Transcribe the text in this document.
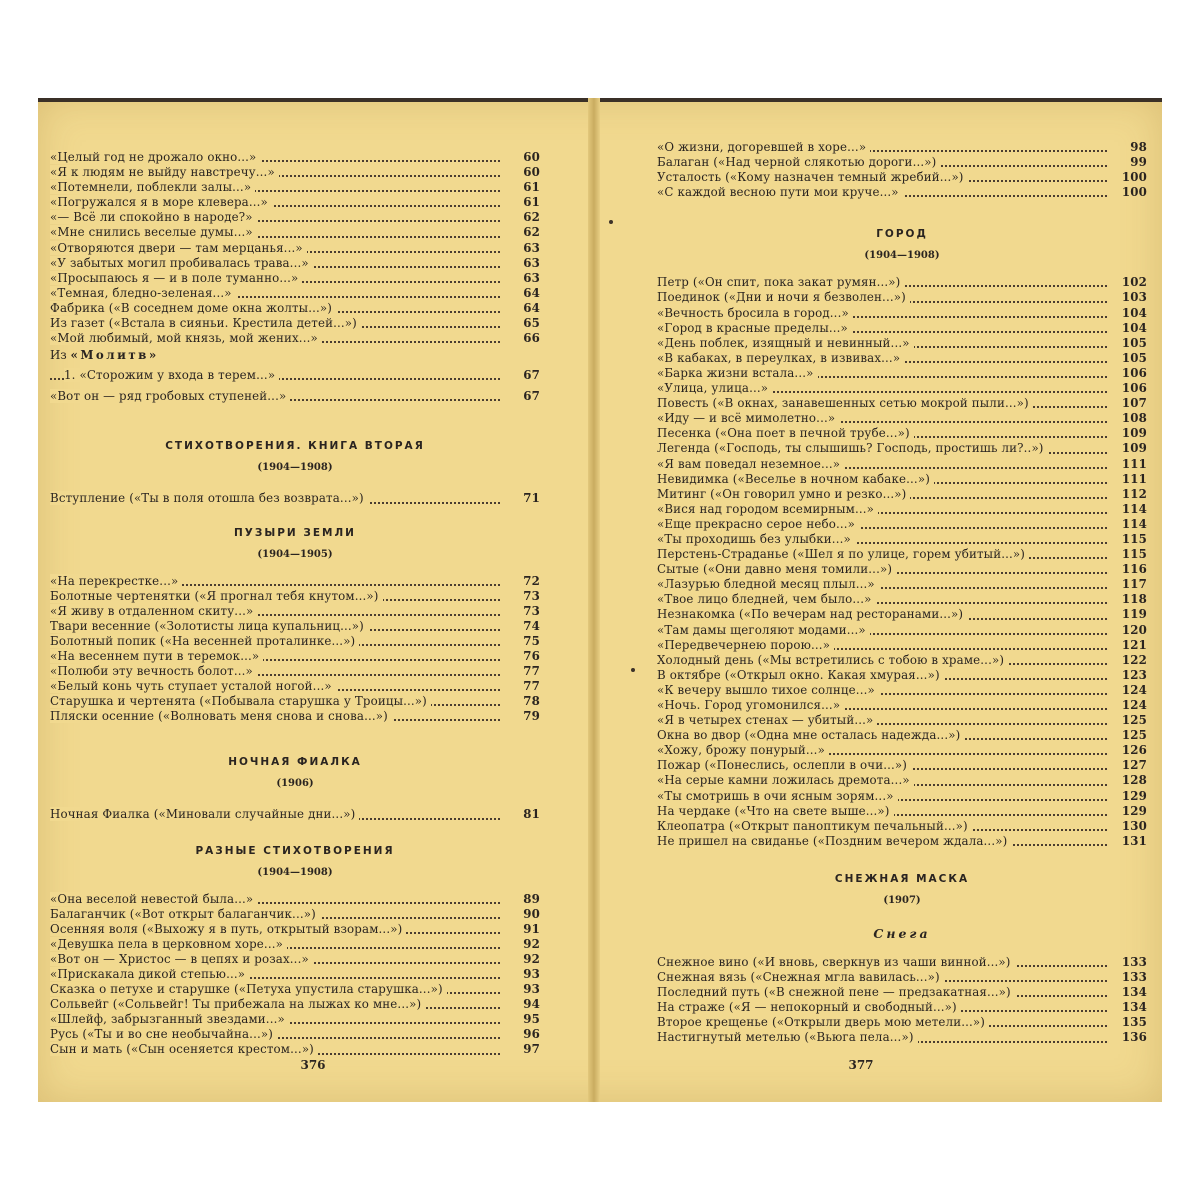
«Целый год не дрожало окно...»	60
«Я к людям не выйду навстречу...»	60
«Потемнели, поблекли залы...»	61
«Погружался я в море клевера...»	61
«— Всё ли спокойно в народе?»	62
«Мне снились веселые думы...»	62
«Отворяются двери — там мерцанья...»	63
«У забытых могил пробивалась трава...»	63
«Просыпаюсь я — и в поле туманно...»	63
«Темная, бледно-зеленая...»	64
Фабрика («В соседнем доме окна жолты...»)	64
Из газет («Встала в сияньи. Крестила детей...»)	65
«Мой любимый, мой князь, мой жених...»	66
Из «Молитв»
1. «Сторожим у входа в терем...»	67
«Вот он — ряд гробовых ступеней...»	67
СТИХОТВОРЕНИЯ. КНИГА ВТОРАЯ
(1904—1908)
Вступление («Ты в поля отошла без возврата...»)	71
ПУЗЫРИ ЗЕМЛИ
(1904—1905)
«На перекрестке...»	72
Болотные чертенятки («Я прогнал тебя кнутом...»)	73
«Я живу в отдаленном скиту...»	73
Твари весенние («Золотисты лица купальниц...»)	74
Болотный попик («На весенней проталинке...»)	75
«На весеннем пути в теремок...»	76
«Полюби эту вечность болот...»	77
«Белый конь чуть ступает усталой ногой...»	77
Старушка и чертенята («Побывала старушка у Троицы...»)	78
Пляски осенние («Волновать меня снова и снова...»)	79
НОЧНАЯ ФИАЛКА
(1906)
Ночная Фиалка («Миновали случайные дни...»)	81
РАЗНЫЕ СТИХОТВОРЕНИЯ
(1904—1908)
«Она веселой невестой была...»	89
Балаганчик («Вот открыт балаганчик...»)	90
Осенняя воля («Выхожу я в путь, открытый взорам...»)	91
«Девушка пела в церковном хоре...»	92
«Вот он — Христос — в цепях и розах...»	92
«Прискакала дикой степью...»	93
Сказка о петухе и старушке («Петуха упустила старушка...»)	93
Сольвейг («Сольвейг! Ты прибежала на лыжах ко мне...»)	94
«Шлейф, забрызганный звездами...»	95
Русь («Ты и во сне необычайна...»)	96
Сын и мать («Сын осеняется крестом...»)	97
376
«О жизни, догоревшей в хоре...»	98
Балаган («Над черной слякотью дороги...»)	99
Усталость («Кому назначен темный жребий...»)	100
«С каждой весною пути мои круче...»	100
ГОРОД
(1904—1908)
Петр («Он спит, пока закат румян...»)	102
Поединок («Дни и ночи я безволен...»)	103
«Вечность бросила в город...»	104
«Город в красные пределы...»	104
«День поблек, изящный и невинный...»	105
«В кабаках, в переулках, в извивах...»	105
«Барка жизни встала...»	106
«Улица, улица...»	106
Повесть («В окнах, занавешенных сетью мокрой пыли...»)	107
«Иду — и всё мимолетно...»	108
Песенка («Она поет в печной трубе...»)	109
Легенда («Господь, ты слышишь? Господь, простишь ли?..»)	109
«Я вам поведал неземное...»	111
Невидимка («Веселье в ночном кабаке...»)	111
Митинг («Он говорил умно и резко...»)	112
«Вися над городом всемирным...»	114
«Еще прекрасно серое небо...»	114
«Ты проходишь без улыбки...»	115
Перстень-Страданье («Шел я по улице, горем убитый...»)	115
Сытые («Они давно меня томили...»)	116
«Лазурью бледной месяц плыл...»	117
«Твое лицо бледней, чем было...»	118
Незнакомка («По вечерам над ресторанами...»)	119
«Там дамы щеголяют модами...»	120
«Передвечернею порою...»	121
Холодный день («Мы встретились с тобою в храме...»)	122
В октябре («Открыл окно. Какая хмурая...»)	123
«К вечеру вышло тихое солнце...»	124
«Ночь. Город угомонился...»	124
«Я в четырех стенах — убитый...»	125
Окна во двор («Одна мне осталась надежда...»)	125
«Хожу, брожу понурый...»	126
Пожар («Понеслись, ослепли в очи...»)	127
«На серые камни ложилась дремота...»	128
«Ты смотришь в очи ясным зорям...»	129
На чердаке («Что на свете выше...»)	129
Клеопатра («Открыт паноптикум печальный...»)	130
Не пришел на свиданье («Поздним вечером ждала...»)	131
СНЕЖНАЯ МАСКА
(1907)
Снега
Снежное вино («И вновь, сверкнув из чаши винной...»)	133
Снежная вязь («Снежная мгла вавилась...»)	133
Последний путь («В снежной пене — предзакатная...»)	134
На страже («Я — непокорный и свободный...»)	134
Второе крещенье («Открыли дверь мою метели...»)	135
Настигнутый метелью («Вьюга пела...»)	136
377
